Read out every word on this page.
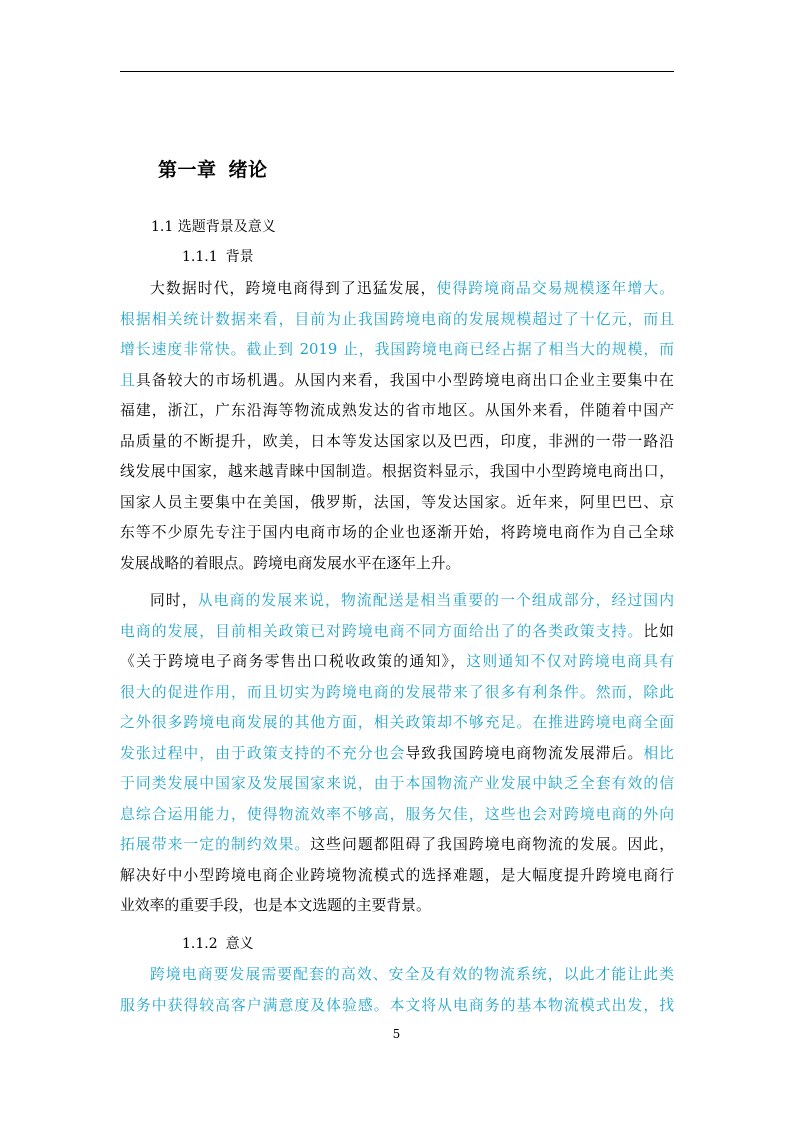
第一章 绪论
1.1 选题背景及意义
1.1.1 背景
大数据时代，跨境电商得到了迅猛发展，使得跨境商品交易规模逐年增大。
根据相关统计数据来看，目前为止我国跨境电商的发展规模超过了十亿元，而且
增长速度非常快。截止到 2019 止，我国跨境电商已经占据了相当大的规模，而
且具备较大的市场机遇。从国内来看，我国中小型跨境电商出口企业主要集中在
福建，浙江，广东沿海等物流成熟发达的省市地区。从国外来看，伴随着中国产
品质量的不断提升，欧美，日本等发达国家以及巴西，印度，非洲的一带一路沿
线发展中国家，越来越青睐中国制造。根据资料显示，我国中小型跨境电商出口，
国家人员主要集中在美国，俄罗斯，法国，等发达国家。近年来，阿里巴巴、京
东等不少原先专注于国内电商市场的企业也逐渐开始，将跨境电商作为自己全球
发展战略的着眼点。跨境电商发展水平在逐年上升。
同时，从电商的发展来说，物流配送是相当重要的一个组成部分，经过国内
电商的发展，目前相关政策已对跨境电商不同方面给出了的各类政策支持。比如
《关于跨境电子商务零售出口税收政策的通知》，这则通知不仅对跨境电商具有
很大的促进作用，而且切实为跨境电商的发展带来了很多有利条件。然而，除此
之外很多跨境电商发展的其他方面，相关政策却不够充足。在推进跨境电商全面
发张过程中，由于政策支持的不充分也会导致我国跨境电商物流发展滞后。相比
于同类发展中国家及发展国家来说，由于本国物流产业发展中缺乏全套有效的信
息综合运用能力，使得物流效率不够高，服务欠佳，这些也会对跨境电商的外向
拓展带来一定的制约效果。这些问题都阻碍了我国跨境电商物流的发展。因此，
解决好中小型跨境电商企业跨境物流模式的选择难题，是大幅度提升跨境电商行
业效率的重要手段，也是本文选题的主要背景。
1.1.2 意义
跨境电商要发展需要配套的高效、安全及有效的物流系统，以此才能让此类
服务中获得较高客户满意度及体验感。本文将从电商务的基本物流模式出发，找
5
